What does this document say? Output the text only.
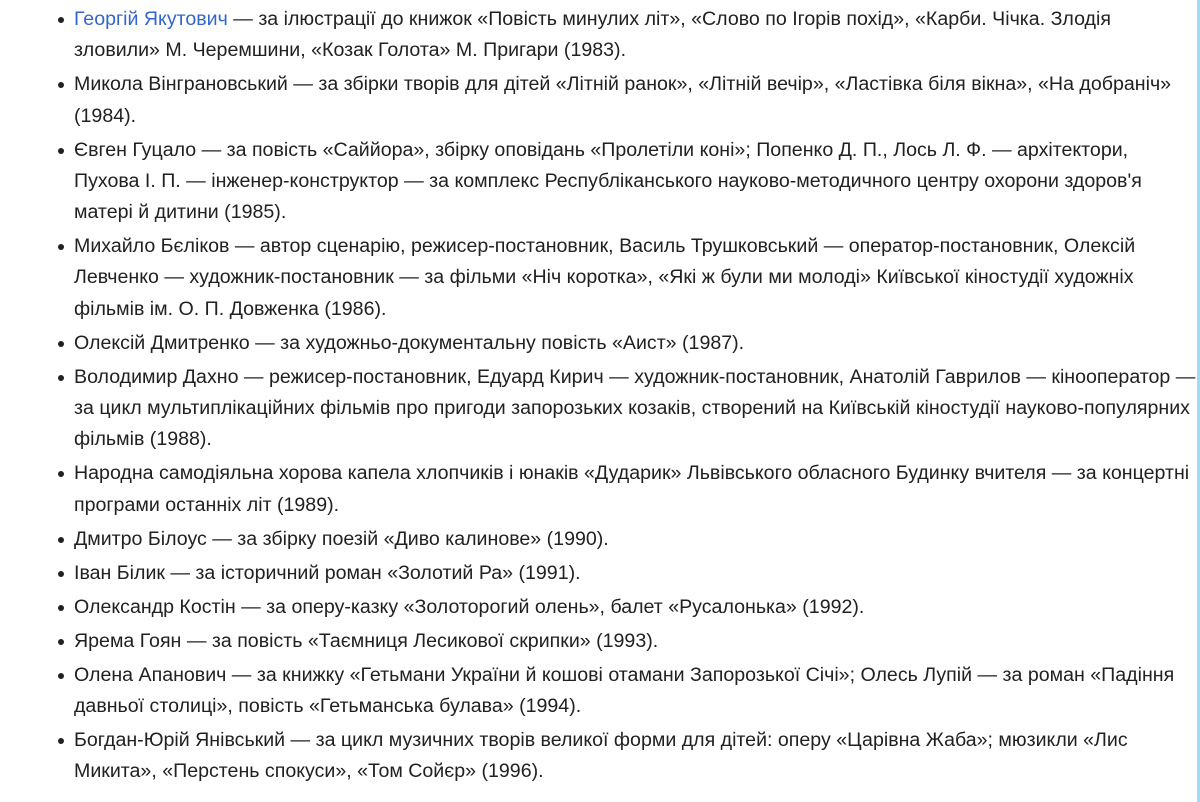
Георгій Якутович — за ілюстрації до книжок «Повість минулих літ», «Слово по Ігорів похід», «Карби. Чічка. Злодія зловили» М. Черемшини, «Козак Голота» М. Пригари (1983).
Микола Вінграновський — за збірки творів для дітей «Літній ранок», «Літній вечір», «Ластівка біля вікна», «На добраніч» (1984).
Євген Гуцало — за повість «Саййора», збірку оповідань «Пролетіли коні»; Попенко Д. П., Лось Л. Ф. — архітектори, Пухова І. П. — інженер-конструктор — за комплекс Республіканського науково-методичного центру охорони здоров'я матері й дитини (1985).
Михайло Бєліков — автор сценарію, режисер-постановник, Василь Трушковський — оператор-постановник, Олексій Левченко — художник-постановник — за фільми «Ніч коротка», «Які ж були ми молоді» Київської кіностудії художніх фільмів ім. О. П. Довженка (1986).
Олексій Дмитренко — за художньо-документальну повість «Аист» (1987).
Володимир Дахно — режисер-постановник, Едуард Кирич — художник-постановник, Анатолій Гаврилов — кінооператор — за цикл мультиплікаційних фільмів про пригоди запорозьких козаків, створений на Київській кіностудії науково-популярних фільмів (1988).
Народна самодіяльна хорова капела хлопчиків і юнаків «Дударик» Львівського обласного Будинку вчителя — за концертні програми останніх літ (1989).
Дмитро Білоус — за збірку поезій «Диво калинове» (1990).
Іван Білик — за історичний роман «Золотий Ра» (1991).
Олександр Костін — за оперу-казку «Золоторогий олень», балет «Русалонька» (1992).
Ярема Гоян — за повість «Таємниця Лесикової скрипки» (1993).
Олена Апанович — за книжку «Гетьмани України й кошові отамани Запорозької Січі»; Олесь Лупій — за роман «Падіння давньої столиці», повість «Гетьманська булава» (1994).
Богдан-Юрій Янівський — за цикл музичних творів великої форми для дітей: оперу «Царівна Жаба»; мюзикли «Лис Микита», «Перстень спокуси», «Том Сойєр» (1996).
